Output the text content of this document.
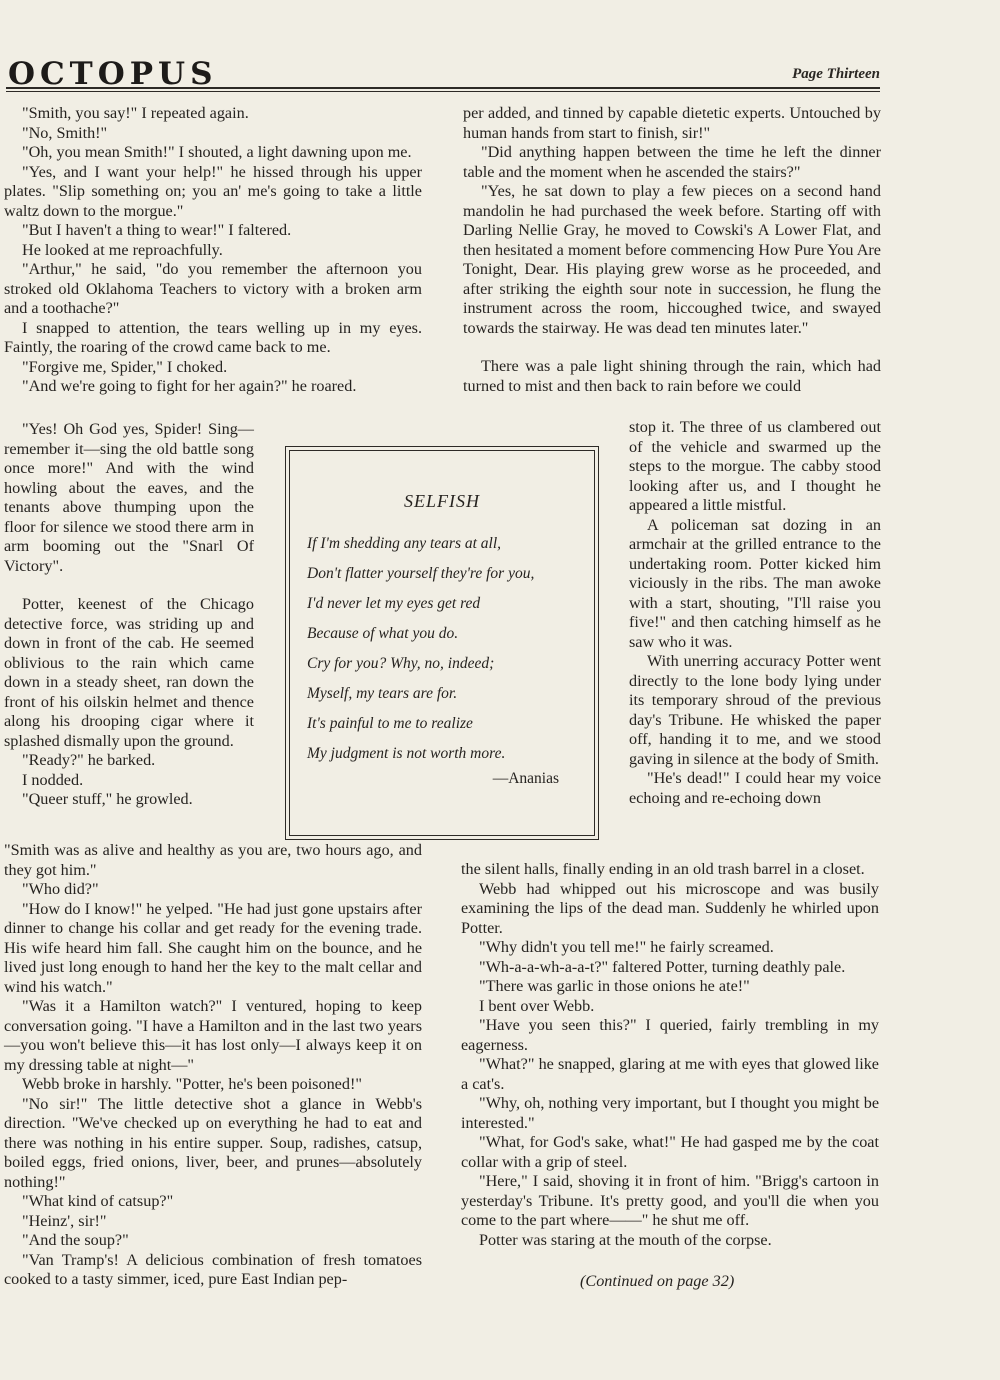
OCTOPUS	Page Thirteen

"Smith, you say!" I repeated again.

"No, Smith!"

"Oh, you mean Smith!" I shouted, a light dawning upon me.

"Yes, and I want your help!" he hissed through his upper plates. "Slip something on; you an' me's going to take a little waltz down to the morgue."

"But I haven't a thing to wear!" I faltered.

He looked at me reproachfully.

"Arthur," he said, "do you remember the afternoon you stroked old Oklahoma Teachers to victory with a broken arm and a toothache?"

I snapped to attention, the tears welling up in my eyes. Faintly, the roaring of the crowd came back to me.

"Forgive me, Spider," I choked.

"And we're going to fight for her again?" he roared.

"Yes! Oh God yes, Spider! Sing—remember it—sing the old battle song once more!" And with the wind howling about the eaves, and the tenants above thumping upon the floor for silence we stood there arm in arm booming out the "Snarl Of Victory".

Potter, keenest of the Chicago detective force, was striding up and down in front of the cab. He seemed oblivious to the rain which came down in a steady sheet, ran down the front of his oilskin helmet and thence along his drooping cigar where it splashed dismally upon the ground.

"Ready?" he barked.

I nodded.

"Queer stuff," he growled.

"Smith was as alive and healthy as you are, two hours ago, and they got him."

"Who did?"

"How do I know!" he yelped. "He had just gone upstairs after dinner to change his collar and get ready for the evening trade. His wife heard him fall. She caught him on the bounce, and he lived just long enough to hand her the key to the malt cellar and wind his watch."

"Was it a Hamilton watch?" I ventured, hoping to keep conversation going. "I have a Hamilton and in the last two years—you won't believe this—it has lost only—I always keep it on my dressing table at night—"

Webb broke in harshly. "Potter, he's been poisoned!"

"No sir!" The little detective shot a glance in Webb's direction. "We've checked up on everything he had to eat and there was nothing in his entire supper. Soup, radishes, catsup, boiled eggs, fried onions, liver, beer, and prunes—absolutely nothing!"

"What kind of catsup?"

"Heinz', sir!"

"And the soup?"

"Van Tramp's! A delicious combination of fresh tomatoes cooked to a tasty simmer, iced, pure East Indian pep-

per added, and tinned by capable dietetic experts. Untouched by human hands from start to finish, sir!"

"Did anything happen between the time he left the dinner table and the moment when he ascended the stairs?"

"Yes, he sat down to play a few pieces on a second hand mandolin he had purchased the week before. Starting off with Darling Nellie Gray, he moved to Cowski's A Lower Flat, and then hesitated a moment before commencing How Pure You Are Tonight, Dear. His playing grew worse as he proceeded, and after striking the eighth sour note in succession, he flung the instrument across the room, hiccoughed twice, and swayed towards the stairway. He was dead ten minutes later."

There was a pale light shining through the rain, which had turned to mist and then back to rain before we could

stop it. The three of us clambered out of the vehicle and swarmed up the steps to the morgue. The cabby stood looking after us, and I thought he appeared a little mistful.

A policeman sat dozing in an armchair at the grilled entrance to the undertaking room. Potter kicked him viciously in the ribs. The man awoke with a start, shouting, "I'll raise you five!" and then catching himself as he saw who it was.

With unerring accuracy Potter went directly to the lone body lying under its temporary shroud of the previous day's Tribune. He whisked the paper off, handing it to me, and we stood gaving in silence at the body of Smith.

"He's dead!" I could hear my voice echoing and re-echoing down

the silent halls, finally ending in an old trash barrel in a closet.

Webb had whipped out his microscope and was busily examining the lips of the dead man. Suddenly he whirled upon Potter.

"Why didn't you tell me!" he fairly screamed.

"Wh-a-a-wh-a-a-t?" faltered Potter, turning deathly pale.

"There was garlic in those onions he ate!"

I bent over Webb.

"Have you seen this?" I queried, fairly trembling in my eagerness.

"What?" he snapped, glaring at me with eyes that glowed like a cat's.

"Why, oh, nothing very important, but I thought you might be interested."

"What, for God's sake, what!" He had gasped me by the coat collar with a grip of steel.

"Here," I said, shoving it in front of him. "Brigg's cartoon in yesterday's Tribune. It's pretty good, and you'll die when you come to the part where——" he shut me off.

Potter was staring at the mouth of the corpse.

(Continued on page 32)
SELFISH
If I'm shedding any tears at all,
Don't flatter yourself they're for you,
I'd never let my eyes get red
Because of what you do.
Cry for you? Why, no, indeed;
Myself, my tears are for.
It's painful to me to realize
My judgment is not worth more.
—Ananias
